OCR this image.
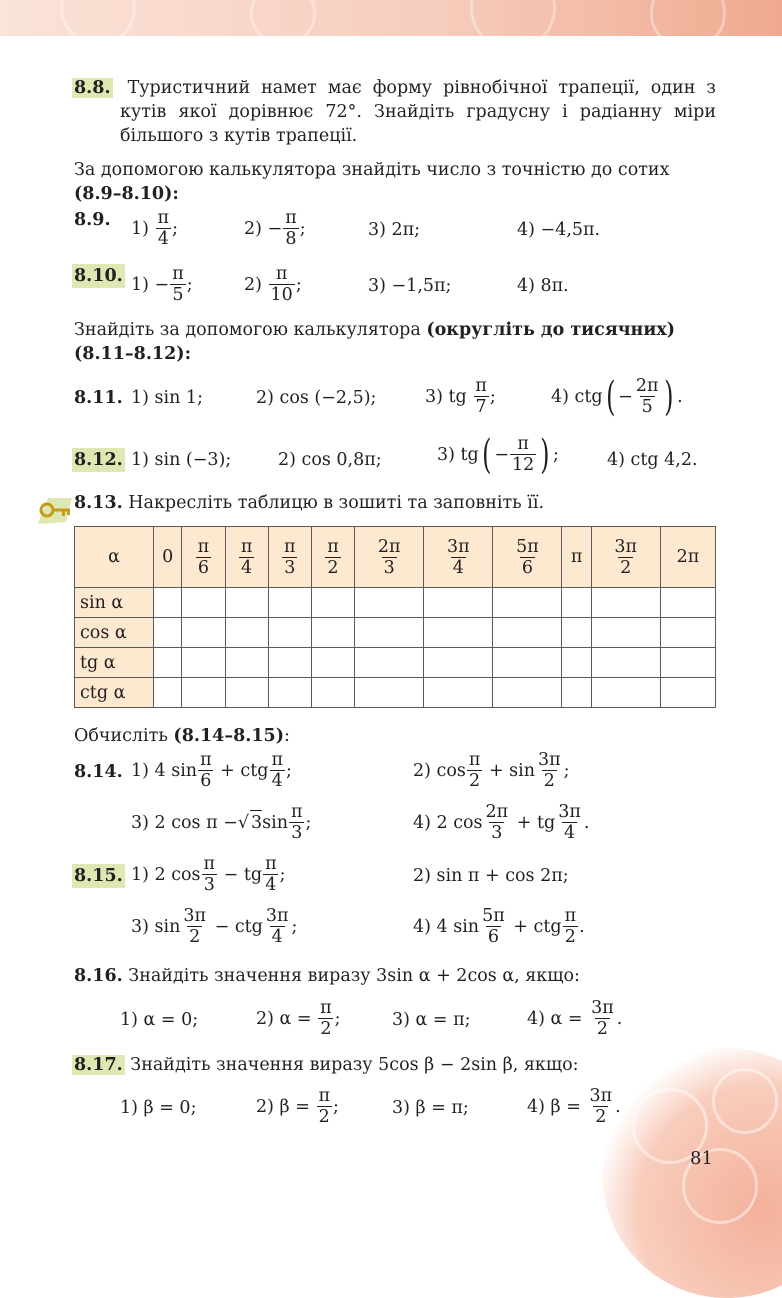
81

8.8. Туристичний намет має форму рівнобічної трапеції, один з кутів якої дорівнює 72°. Знайдіть градусну і радіанну міри більшого з кутів трапеції.

За допомогою калькулятора знайдіть число з точністю до сотих
(8.9–8.10):

8.9. 1)
$\frac{\pi}{4}$ ;	$2) - \frac{\pi}{8}$ ;	3) 2π;	4) −4,5π.
8.10. $1) - \frac{\pi}{5}$ ;	2)
$\frac{\pi}{10}$ ;	3) −1,5π;	4) 8π.

Знайдіть за допомогою калькулятора (округліть до тисячних)
(8.11–8.12):

8.11. 1) sin 1;	2) cos (−2,5);	3) tg
$\frac{\pi}{7}$ ;	4) ctg ( − $\frac{2\pi}{5}$ ) .
8.12. 1) sin (−3);	2) cos 0,8π;	3) tg ( − $\frac{\pi}{12}$ ) ;	4) ctg 4,2.
8.13. Накресліть таблицю в зошиті та заповніть її.
α	0	$\frac{\pi}{6}$	$\frac{\pi}{4}$	$\frac{\pi}{3}$	$\frac{\pi}{2}$	$\frac{2\pi}{3}$	$\frac{3\pi}{4}$	$\frac{5\pi}{6}$	π	$\frac{3\pi}{2}$	2π
sin α											
cos α											
tg α											
ctg α											
Обчисліть (8.14–8.15):
8.14. 1) 4 $\sin \frac{\pi}{6}$
+ ctg $\frac{\pi}{4}$ ;	2) $\cos \frac{\pi}{2}$
+ $\sin \frac{3\pi}{2}$ ;
3) 2 cos π − √ 3 $\sin \frac{\pi}{3}$ ;	4) 2 $\cos \frac{2\pi}{3}$
+ tg $\frac{3\pi}{4}$ .
8.15. 1) 2 $\cos \frac{\pi}{3}$
− tg $\frac{\pi}{4}$ ;	2) sin π + cos 2π;
3) $\sin \frac{3\pi}{2}$
− ctg $\frac{3\pi}{4}$ ;	4) 4 $\sin \frac{5\pi}{6}$
+ ctg $\frac{\pi}{2}$ .
8.16. Знайдіть значення виразу 3sin α + 2cos α, якщо:
1) α = 0;	2) α =
$\frac{\pi}{2}$ ;	3) α = π;	4) α =
$\frac{3\pi}{2}$ .
8.17. Знайдіть значення виразу 5cos β − 2sin β, якщо:
1) β = 0;	2) β =
$\frac{\pi}{2}$ ;	3) β = π;	4) β =
$\frac{3\pi}{2}$ .
